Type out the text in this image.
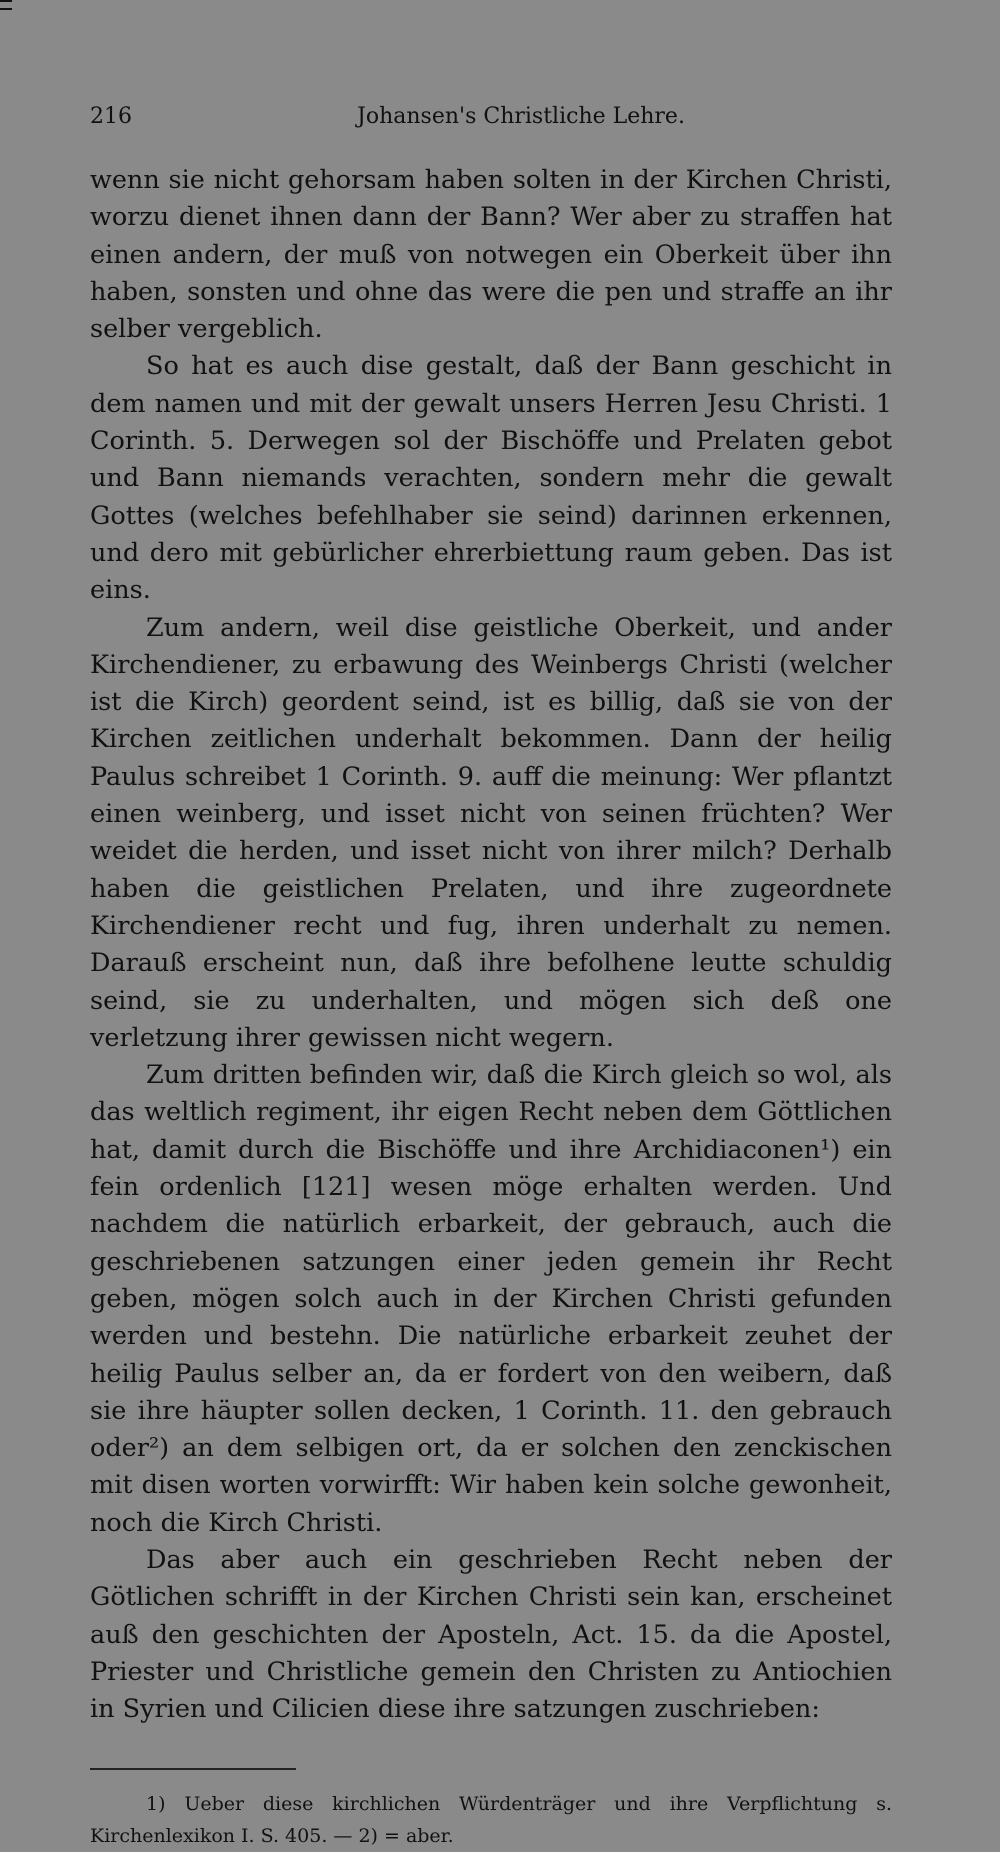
216	Johansen's Christliche Lehre.

wenn sie nicht gehorsam haben solten in der Kirchen Christi, worzu dienet ihnen dann der Bann? Wer aber zu straffen hat einen andern, der muß von notwegen ein Oberkeit über ihn haben, sonsten und ohne das were die pen und straffe an ihr selber vergeblich.

So hat es auch dise gestalt, daß der Bann geschicht in dem namen und mit der gewalt unsers Herren Jesu Christi. 1 Corinth. 5. Derwegen sol der Bischöffe und Prelaten gebot und Bann niemands verachten, sondern mehr die gewalt Gottes (welches befehlhaber sie seind) darinnen erkennen, und dero mit gebürlicher ehrerbiettung raum geben. Das ist eins.

Zum andern, weil dise geistliche Oberkeit, und ander Kirchendiener, zu erbawung des Weinbergs Christi (welcher ist die Kirch) geordent seind, ist es billig, daß sie von der Kirchen zeitlichen underhalt bekommen. Dann der heilig Paulus schreibet 1 Corinth. 9. auff die meinung: Wer pflantzt einen weinberg, und isset nicht von seinen früchten? Wer weidet die herden, und isset nicht von ihrer milch? Derhalb haben die geistlichen Prelaten, und ihre zugeordnete Kirchendiener recht und fug, ihren underhalt zu nemen. Darauß erscheint nun, daß ihre befolhene leutte schuldig seind, sie zu underhalten, und mögen sich deß one verletzung ihrer gewissen nicht wegern.

Zum dritten befinden wir, daß die Kirch gleich so wol, als das weltlich regiment, ihr eigen Recht neben dem Göttlichen hat, damit durch die Bischöffe und ihre Archidiaconen¹) ein fein ordenlich [121] wesen möge erhalten werden. Und nachdem die natürlich erbarkeit, der gebrauch, auch die geschriebenen satzungen einer jeden gemein ihr Recht geben, mögen solch auch in der Kirchen Christi gefunden werden und bestehn. Die natürliche erbarkeit zeuhet der heilig Paulus selber an, da er fordert von den weibern, daß sie ihre häupter sollen decken, 1 Corinth. 11. den gebrauch oder²) an dem selbigen ort, da er solchen den zenckischen mit disen worten vorwirfft: Wir haben kein solche gewonheit, noch die Kirch Christi.

Das aber auch ein geschrieben Recht neben der Götlichen schrifft in der Kirchen Christi sein kan, erscheinet auß den geschichten der Aposteln, Act. 15. da die Apostel, Priester und Christliche gemein den Christen zu Antiochien in Syrien und Cilicien diese ihre satzungen zuschrieben:

1) Ueber diese kirchlichen Würdenträger und ihre Verpflichtung s. Kirchenlexikon I. S. 405. — 2) = aber.
